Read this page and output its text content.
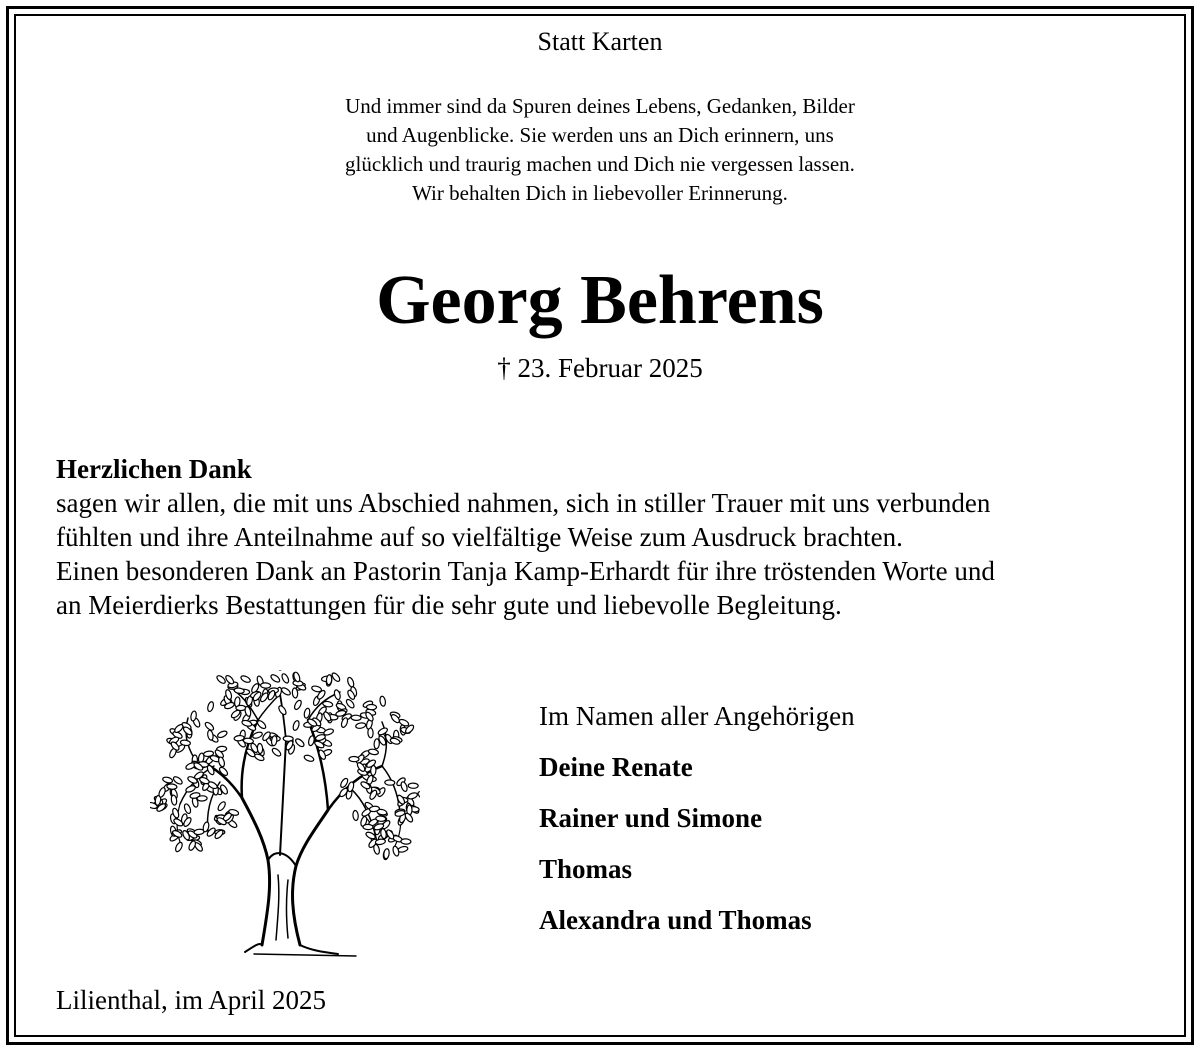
Statt Karten
Und immer sind da Spuren deines Lebens, Gedanken, Bilder
und Augenblicke. Sie werden uns an Dich erinnern, uns
glücklich und traurig machen und Dich nie vergessen lassen.
Wir behalten Dich in liebevoller Erinnerung.
Georg Behrens
† 23. Februar 2025
Herzlichen Dank
sagen wir allen, die mit uns Abschied nahmen, sich in stiller Trauer mit uns verbunden
fühlten und ihre Anteilnahme auf so vielfältige Weise zum Ausdruck brachten.
Einen besonderen Dank an Pastorin Tanja Kamp-Erhardt für ihre tröstenden Worte und
an Meierdierks Bestattungen für die sehr gute und liebevolle Begleitung.
Im Namen aller Angehörigen
Deine Renate
Rainer und Simone
Thomas
Alexandra und Thomas
Lilienthal, im April 2025
